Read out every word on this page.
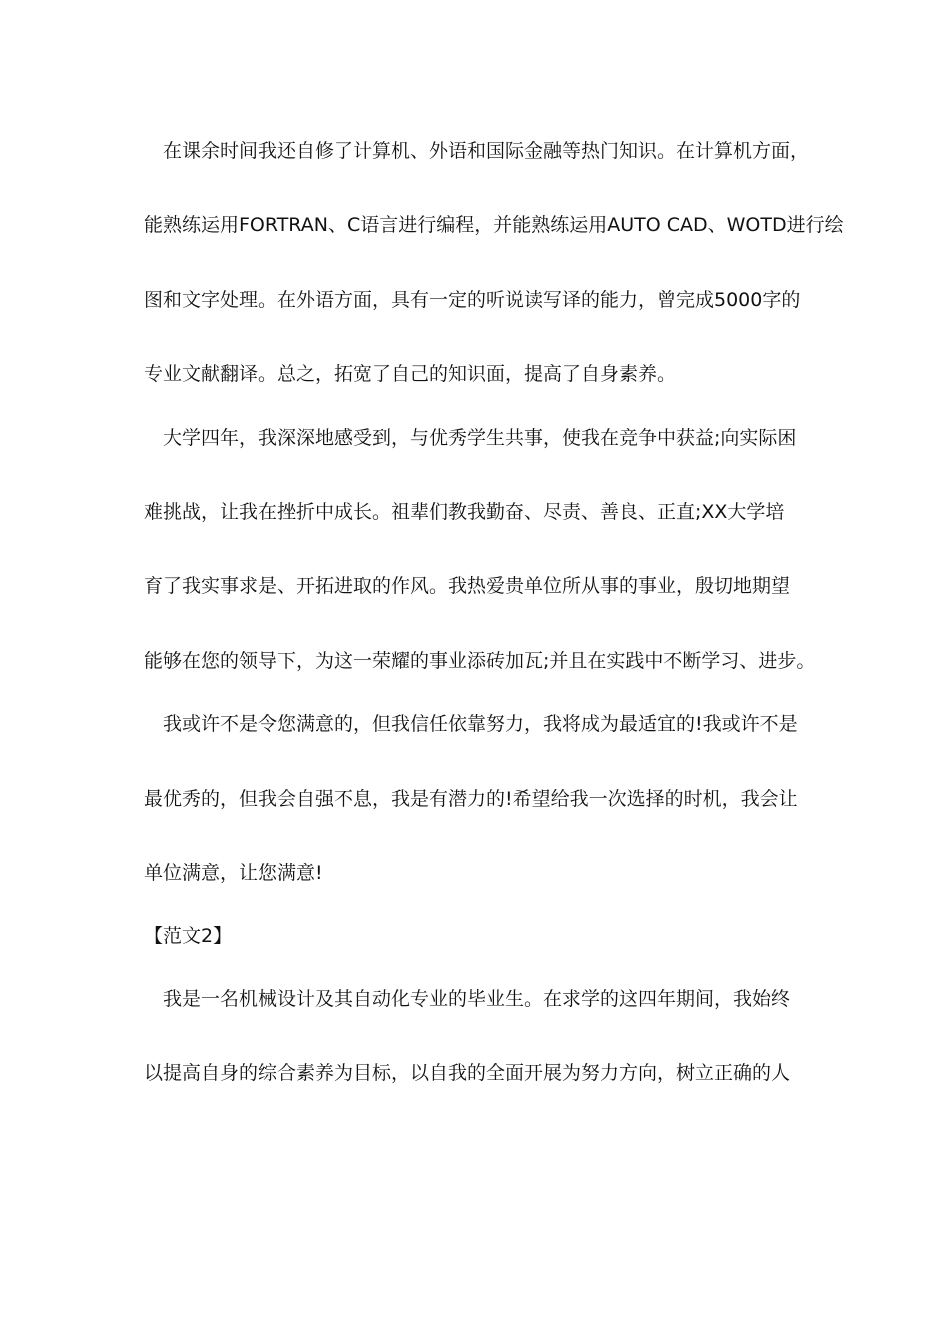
在课余时间我还自修了计算机、外语和国际金融等热门知识。在计算机方面，
能熟练运用FORTRAN、C语言进行编程，并能熟练运用AUTO CAD、WOTD进行绘
图和文字处理。在外语方面，具有一定的听说读写译的能力，曾完成5000字的
专业文献翻译。总之，拓宽了自己的知识面，提高了自身素养。
大学四年，我深深地感受到，与优秀学生共事，使我在竞争中获益;向实际困
难挑战，让我在挫折中成长。祖辈们教我勤奋、尽责、善良、正直;XX大学培
育了我实事求是、开拓进取的作风。我热爱贵单位所从事的事业，殷切地期望
能够在您的领导下，为这一荣耀的事业添砖加瓦;并且在实践中不断学习、进步。
我或许不是令您满意的，但我信任依靠努力，我将成为最适宜的!我或许不是
最优秀的，但我会自强不息，我是有潜力的!希望给我一次选择的时机，我会让
单位满意，让您满意!
【范文2】
我是一名机械设计及其自动化专业的毕业生。在求学的这四年期间，我始终
以提高自身的综合素养为目标，以自我的全面开展为努力方向，树立正确的人
